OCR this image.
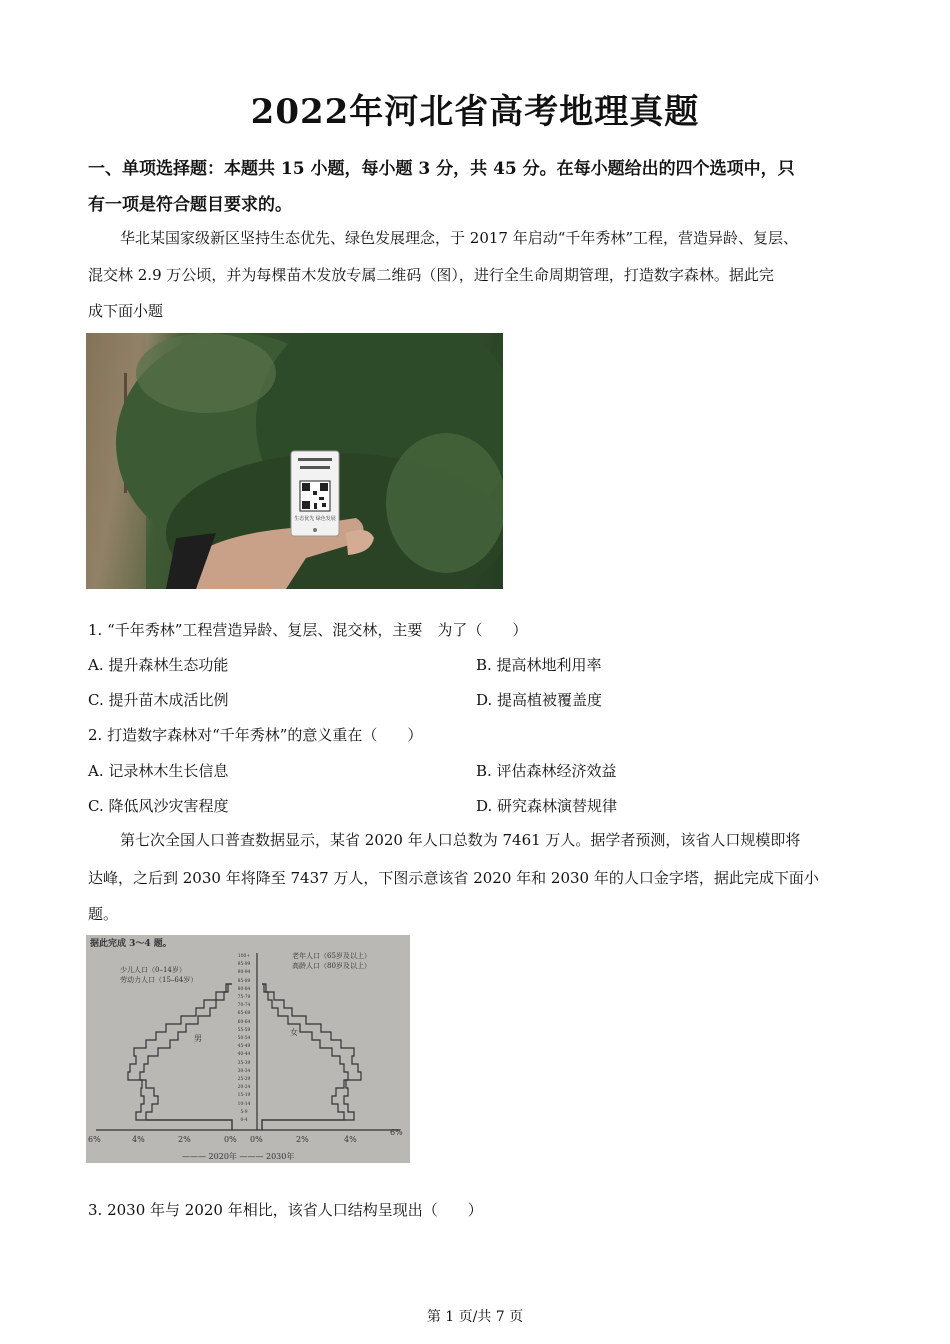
2022年河北省高考地理真题
一、单项选择题：本题共 15 小题，每小题 3 分，共 45 分。在每小题给出的四个选项中，只
有一项是符合题目要求的。
华北某国家级新区坚持生态优先、绿色发展理念，于 2017 年启动“千年秀林”工程，营造异龄、复层、
混交林 2.9 万公顷，并为每棵苗木发放专属二维码（图），进行全生命周期管理，打造数字森林。据此完
成下面小题
生态优先 绿色发展
1. “千年秀林”工程营造异龄、复层、混交林，主要　为了（　　）
A. 提升森林生态功能	B. 提高林地利用率
C. 提升苗木成活比例	D. 提高植被覆盖度
2. 打造数字森林对“千年秀林”的意义重在（　　）
A. 记录林木生长信息	B. 评估森林经济效益
C. 降低风沙灾害程度	D. 研究森林演替规律
第七次全国人口普查数据显示，某省 2020 年人口总数为 7461 万人。据学者预测，该省人口规模即将
达峰，之后到 2030 年将降至 7437 万人，下图示意该省 2020 年和 2030 年的人口金字塔，据此完成下面小
题。
据此完成 3～4 题。
少儿人口（0–14岁）
劳动力人口（15–64岁）
老年人口（65岁及以上）
高龄人口（80岁及以上）
男
女
100+
95-99
90-94
85-89
80-84
75-79
70-74
65-69
60-64
55-59
50-54
45-49
40-44
35-39
30-34
25-29
20-24
15-19
10-14
5-9
0-4
6%	4%	2%	0% 0%	2%	4%
6%
——— 2020年 ——— 2030年
3. 2030 年与 2020 年相比，该省人口结构呈现出（　　）
第 1 页/共 7 页
